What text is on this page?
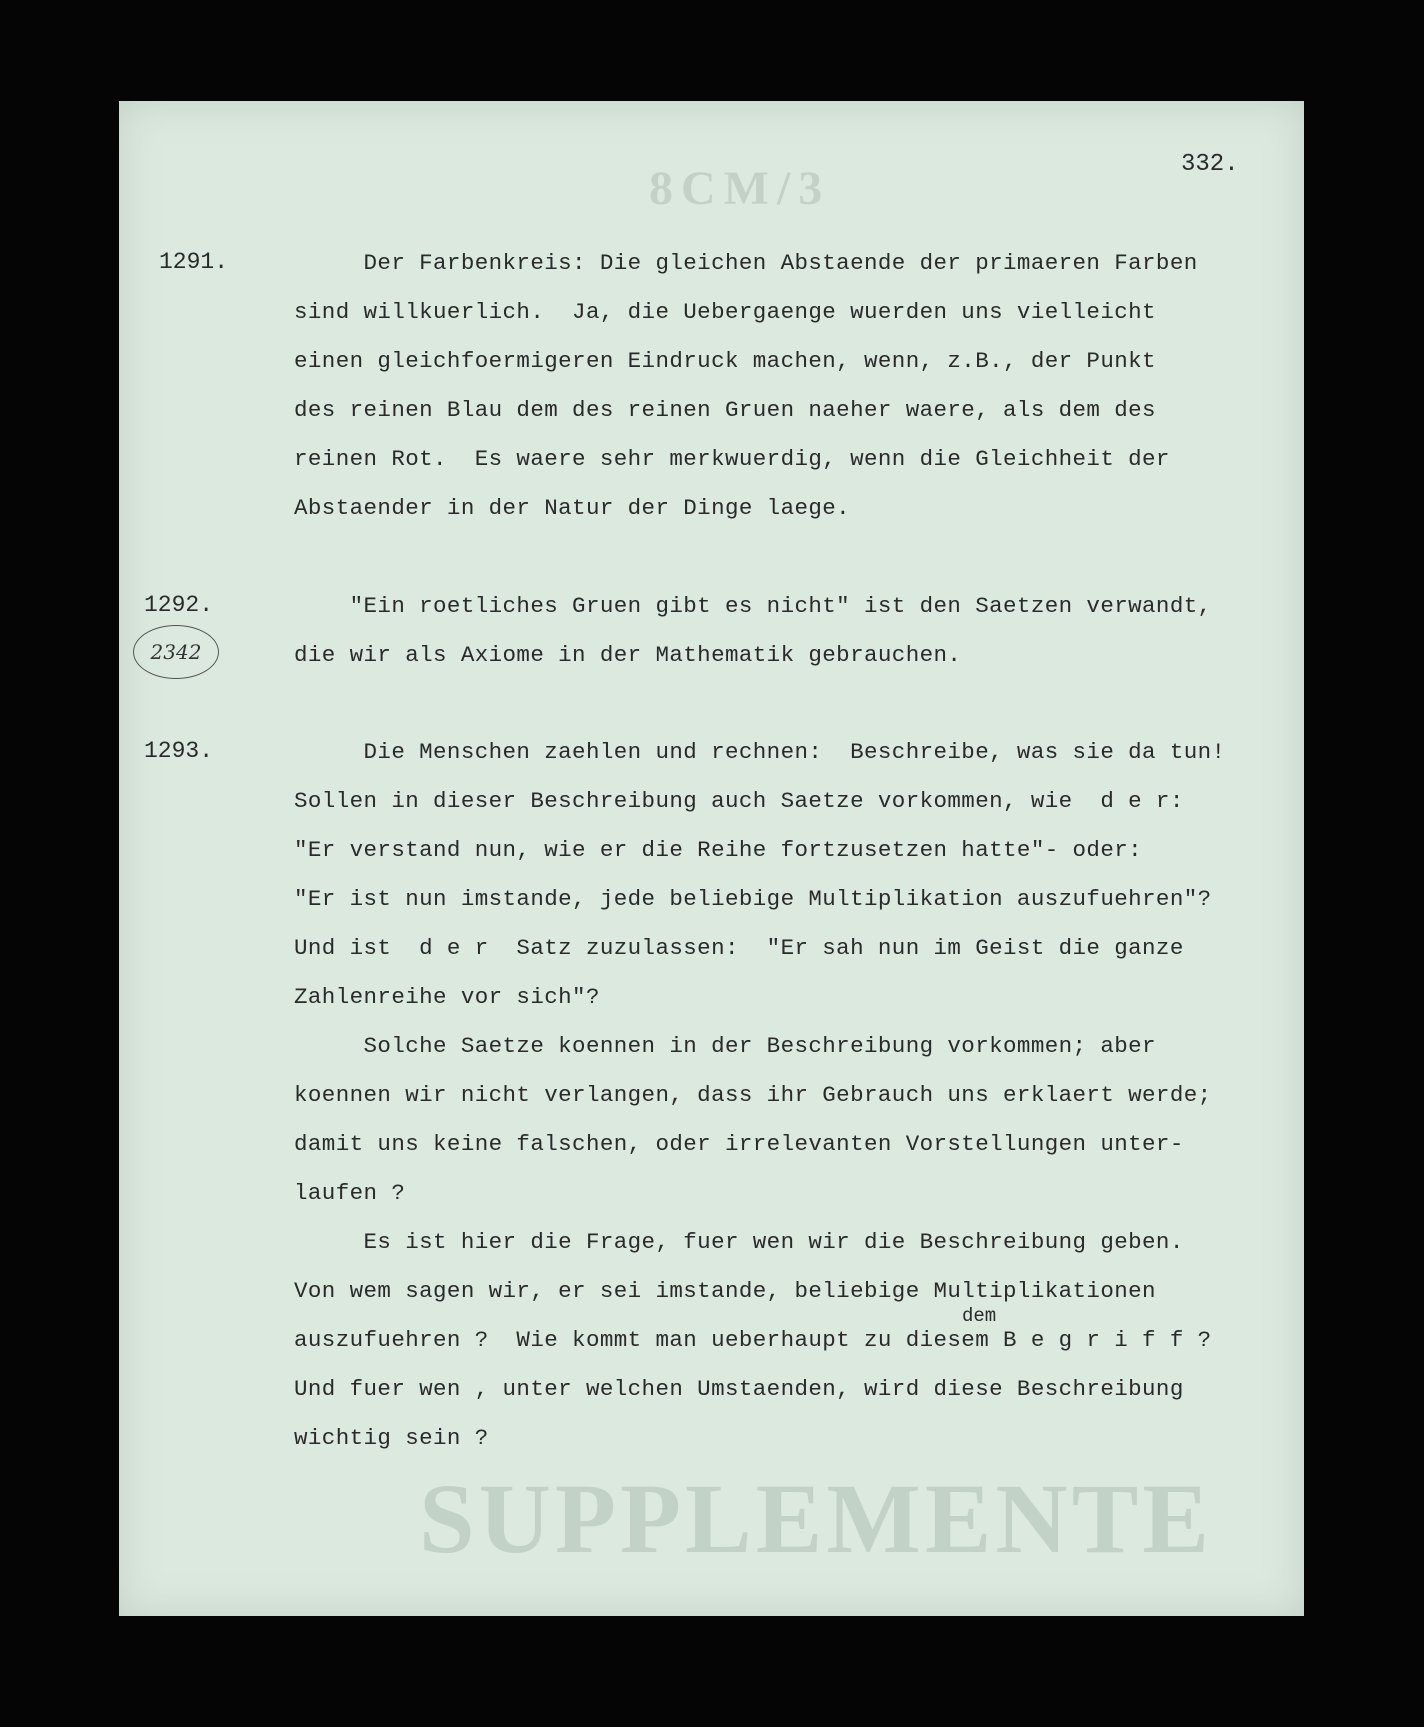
8CM/3
SUPPLEMENTE
332.
1291.	Der Farbenkreis: Die gleichen Abstaende der primaeren Farben
sind willkuerlich.  Ja, die Uebergaenge wuerden uns vielleicht
einen gleichfoermigeren Eindruck machen, wenn, z.B., der Punkt
des reinen Blau dem des reinen Gruen naeher waere, als dem des
reinen Rot.  Es waere sehr merkwuerdig, wenn die Gleichheit der
Abstaender in der Natur der Dinge laege.
1292.
2342
"Ein roetliches Gruen gibt es nicht" ist den Saetzen verwandt,
die wir als Axiome in der Mathematik gebrauchen.
1293.	Die Menschen zaehlen und rechnen:  Beschreibe, was sie da tun!
Sollen in dieser Beschreibung auch Saetze vorkommen, wie  d e r:
"Er verstand nun, wie er die Reihe fortzusetzen hatte"- oder:
"Er ist nun imstande, jede beliebige Multiplikation auszufuehren"?
Und ist  d e r  Satz zuzulassen:  "Er sah nun im Geist die ganze
Zahlenreihe vor sich"?
Solche Saetze koennen in der Beschreibung vorkommen; aber
koennen wir nicht verlangen, dass ihr Gebrauch uns erklaert werde;
damit uns keine falschen, oder irrelevanten Vorstellungen unter-
laufen ?
Es ist hier die Frage, fuer wen wir die Beschreibung geben.
Von wem sagen wir, er sei imstande, beliebige Multiplikationen
dem
auszufuehren ?  Wie kommt man ueberhaupt zu diesem B e g r i f f ?
Und fuer wen , unter welchen Umstaenden, wird diese Beschreibung
wichtig sein ?
